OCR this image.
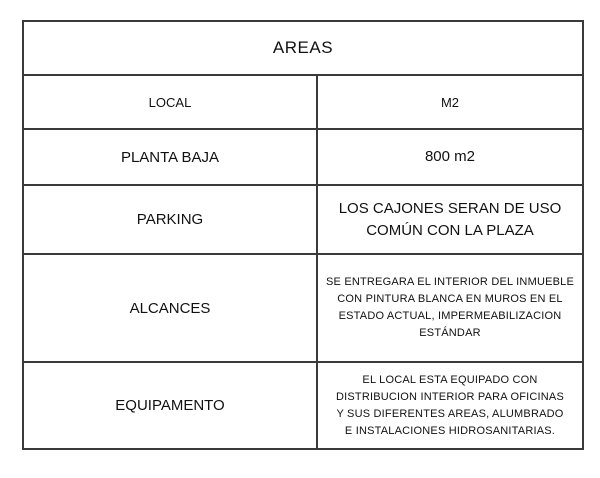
AREAS
LOCAL	M2
PLANTA BAJA	800 m2
PARKING
LOS CAJONES SERAN DE USO
COMÚN CON LA PLAZA
ALCANCES
SE ENTREGARA EL INTERIOR DEL INMUEBLE
CON PINTURA BLANCA EN MUROS EN EL
ESTADO ACTUAL, IMPERMEABILIZACION
ESTÁNDAR
EQUIPAMENTO
EL LOCAL ESTA EQUIPADO CON
DISTRIBUCION INTERIOR PARA OFICINAS
Y SUS DIFERENTES AREAS, ALUMBRADO
E INSTALACIONES HIDROSANITARIAS.
